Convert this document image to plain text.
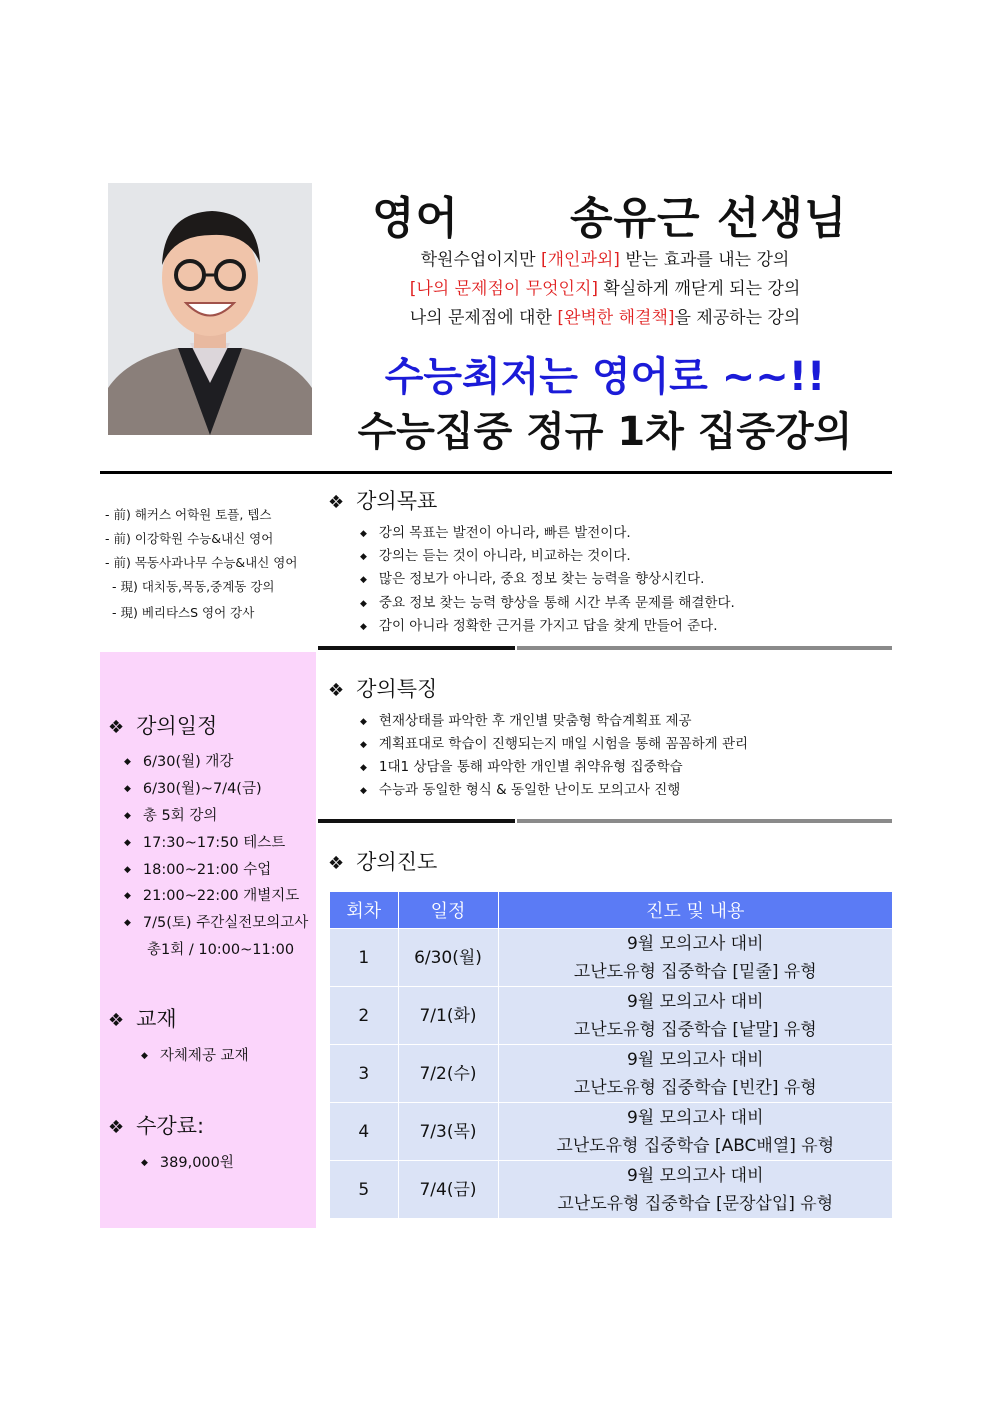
영어	송유근 선생님
학원수업이지만 [개인과외] 받는 효과를 내는 강의
[나의 문제점이 무엇인지] 확실하게 깨닫게 되는 강의
나의 문제점에 대한 [완벽한 해결책]을 제공하는 강의
수능최저는 영어로 ~~!!
수능집중 정규 1차 집중강의
- 前) 해커스 어학원 토플, 텝스
- 前) 이강학원 수능&내신 영어
- 前) 목동사과나무 수능&내신 영어
- 現) 대치동,목동,중계동 강의
- 現) 베리타스S 영어 강사
❖ 강의일정
◆ 6/30(월) 개강
◆ 6/30(월)~7/4(금)
◆ 총 5회 강의
◆ 17:30~17:50 테스트
◆ 18:00~21:00 수업
◆ 21:00~22:00 개별지도
◆ 7/5(토) 주간실전모의고사
총1회 / 10:00~11:00
❖ 교재
◆ 자체제공 교재
❖ 수강료:
◆ 389,000원
❖ 강의목표
◆ 강의 목표는 발전이 아니라, 빠른 발전이다.
◆ 강의는 듣는 것이 아니라, 비교하는 것이다.
◆ 많은 정보가 아니라, 중요 정보 찾는 능력을 향상시킨다.
◆ 중요 정보 찾는 능력 향상을 통해 시간 부족 문제를 해결한다.
◆ 감이 아니라 정확한 근거를 가지고 답을 찾게 만들어 준다.
❖ 강의특징
◆ 현재상태를 파악한 후 개인별 맞춤형 학습계획표 제공
◆ 계획표대로 학습이 진행되는지 매일 시험을 통해 꼼꼼하게 관리
◆ 1대1 상담을 통해 파악한 개인별 취약유형 집중학습
◆ 수능과 동일한 형식 & 동일한 난이도 모의고사 진행
❖ 강의진도
회차	일정	진도 및 내용
1	6/30(월)	9월 모의고사 대비
고난도유형 집중학습 [밑줄] 유형

2	7/1(화)	9월 모의고사 대비
고난도유형 집중학습 [낱말] 유형

3	7/2(수)	9월 모의고사 대비
고난도유형 집중학습 [빈칸] 유형

4	7/3(목)	9월 모의고사 대비
고난도유형 집중학습 [ABC배열] 유형

5	7/4(금)	9월 모의고사 대비
고난도유형 집중학습 [문장삽입] 유형
